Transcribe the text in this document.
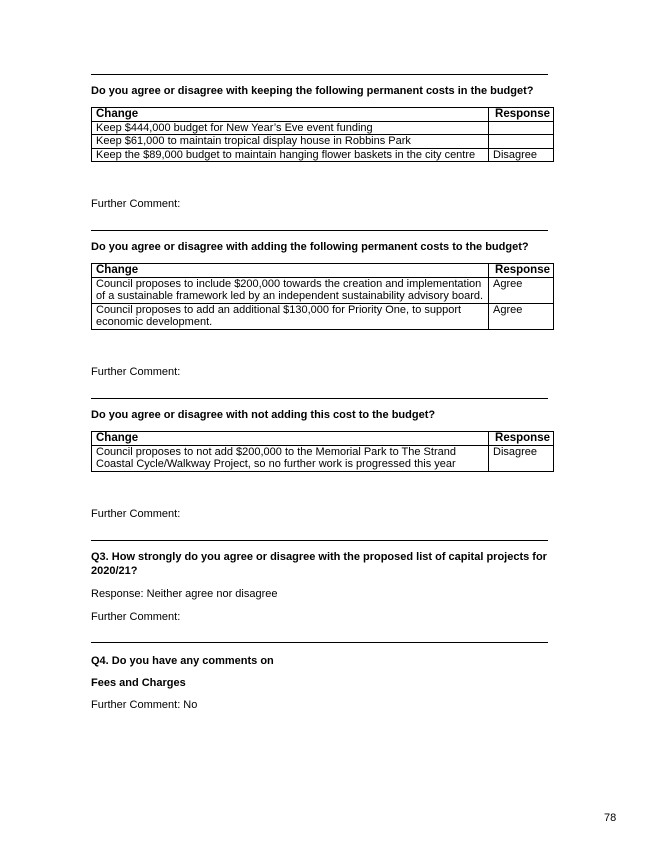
Do you agree or disagree with keeping the following permanent costs in the budget?
Change	Response
Keep $444,000 budget for New Year’s Eve event funding	
Keep $61,000 to maintain tropical display house in Robbins Park	
Keep the $89,000 budget to maintain hanging flower baskets in the city centre	Disagree
Further Comment:
Do you agree or disagree with adding the following permanent costs to the budget?
Change	Response
Council proposes to include $200,000 towards the creation and implementation of a sustainable framework led by an independent sustainability advisory board.	Agree
Council proposes to add an additional $130,000 for Priority One, to support economic development.	Agree
Further Comment:
Do you agree or disagree with not adding this cost to the budget?
Change	Response
Council proposes to not add $200,000 to the Memorial Park to The Strand Coastal Cycle/Walkway Project, so no further work is progressed this year	Disagree
Further Comment:
Q3. How strongly do you agree or disagree with the proposed list of capital projects for 2020/21?
Response: Neither agree nor disagree
Further Comment:
Q4. Do you have any comments on
Fees and Charges
Further Comment: No
78
